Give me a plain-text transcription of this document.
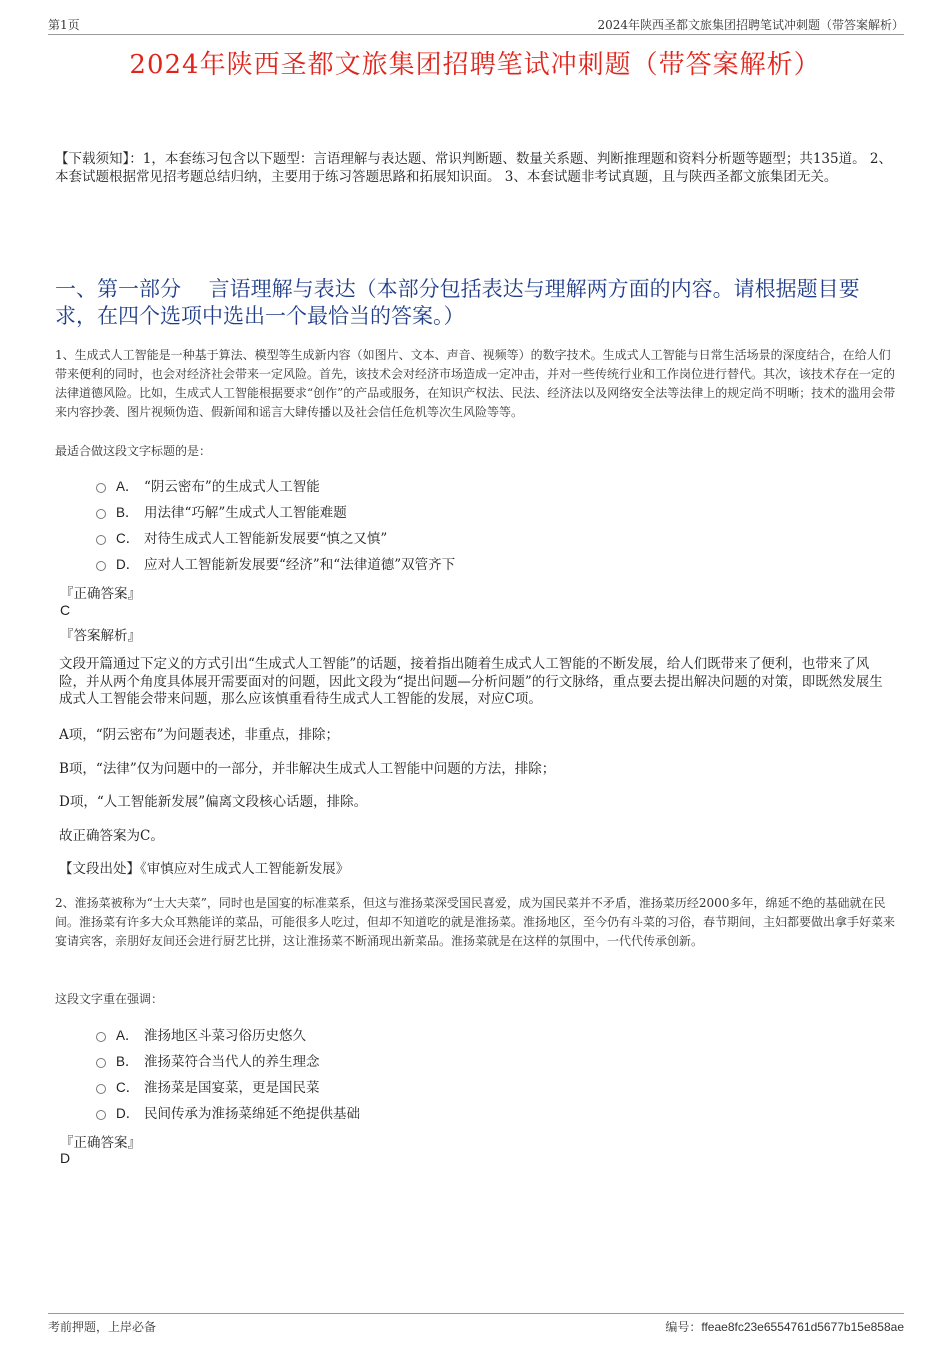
第1页	2024年陕西圣都文旅集团招聘笔试冲刺题（带答案解析）
2024年陕西圣都文旅集团招聘笔试冲刺题（带答案解析）
【下载须知】：1，本套练习包含以下题型：言语理解与表达题、常识判断题、数量关系题、判断推理题和资料分析题等题型；共135道。 2、本套试题根据常见招考题总结归纳，主要用于练习答题思路和拓展知识面。 3、本套试题非考试真题，且与陕西圣都文旅集团无关。
一、第一部分　 言语理解与表达（本部分包括表达与理解两方面的内容。请根据题目要求，在四个选项中选出一个最恰当的答案。）
1、生成式人工智能是一种基于算法、模型等生成新内容（如图片、文本、声音、视频等）的数字技术。生成式人工智能与日常生活场景的深度结合，在给人们带来便利的同时，也会对经济社会带来一定风险。首先，该技术会对经济市场造成一定冲击，并对一些传统行业和工作岗位进行替代。其次，该技术存在一定的法律道德风险。比如，生成式人工智能根据要求“创作”的产品或服务，在知识产权法、民法、经济法以及网络安全法等法律上的规定尚不明晰；技术的滥用会带来内容抄袭、图片视频伪造、假新闻和谣言大肆传播以及社会信任危机等次生风险等等。
最适合做这段文字标题的是：
A． “阴云密布”的生成式人工智能
B． 用法律“巧解”生成式人工智能难题
C． 对待生成式人工智能新发展要“慎之又慎”
D． 应对人工智能新发展要“经济”和“法律道德”双管齐下
『正确答案』
C
『答案解析』
文段开篇通过下定义的方式引出“生成式人工智能”的话题，接着指出随着生成式人工智能的不断发展，给人们既带来了便利，也带来了风险，并从两个角度具体展开需要面对的问题，因此文段为“提出问题—分析问题”的行文脉络，重点要去提出解决问题的对策，即既然发展生成式人工智能会带来问题，那么应该慎重看待生成式人工智能的发展，对应C项。
A项，“阴云密布”为问题表述，非重点，排除；
B项，“法律”仅为问题中的一部分，并非解决生成式人工智能中问题的方法，排除；
D项，“人工智能新发展”偏离文段核心话题，排除。
故正确答案为C。
【文段出处】《审慎应对生成式人工智能新发展》
2、淮扬菜被称为“士大夫菜”，同时也是国宴的标准菜系，但这与淮扬菜深受国民喜爱，成为国民菜并不矛盾，淮扬菜历经2000多年，绵延不绝的基础就在民间。淮扬菜有许多大众耳熟能详的菜品，可能很多人吃过，但却不知道吃的就是淮扬菜。淮扬地区，至今仍有斗菜的习俗，春节期间，主妇都要做出拿手好菜来宴请宾客，亲朋好友间还会进行厨艺比拼，这让淮扬菜不断涌现出新菜品。淮扬菜就是在这样的氛围中，一代代传承创新。
这段文字重在强调：
A． 淮扬地区斗菜习俗历史悠久
B． 淮扬菜符合当代人的养生理念
C． 淮扬菜是国宴菜，更是国民菜
D． 民间传承为淮扬菜绵延不绝提供基础
『正确答案』
D
考前押题，上岸必备	编号：ffeae8fc23e6554761d5677b15e858ae
